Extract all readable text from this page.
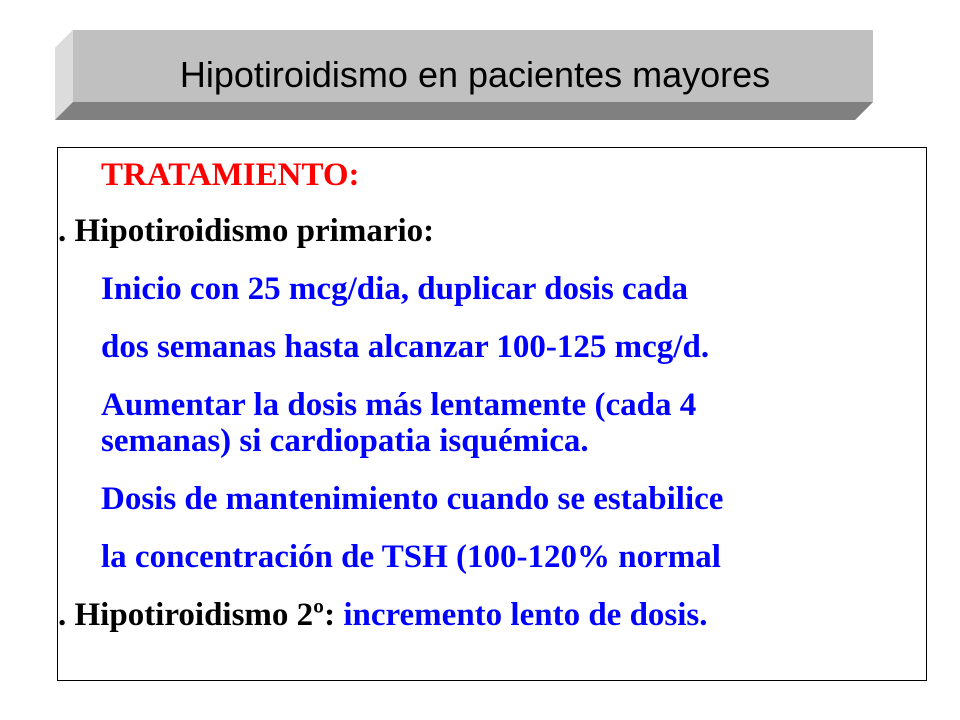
Hipotiroidismo en pacientes mayores
TRATAMIENTO:
. Hipotiroidismo primario:
Inicio con 25 mcg/dia, duplicar dosis cada
dos semanas hasta alcanzar 100-125 mcg/d.
Aumentar la dosis más lentamente (cada 4
semanas) si cardiopatia isquémica.
Dosis de mantenimiento cuando se estabilice
la concentración de TSH (100-120% normal
. Hipotiroidismo 2º: incremento lento de dosis.
